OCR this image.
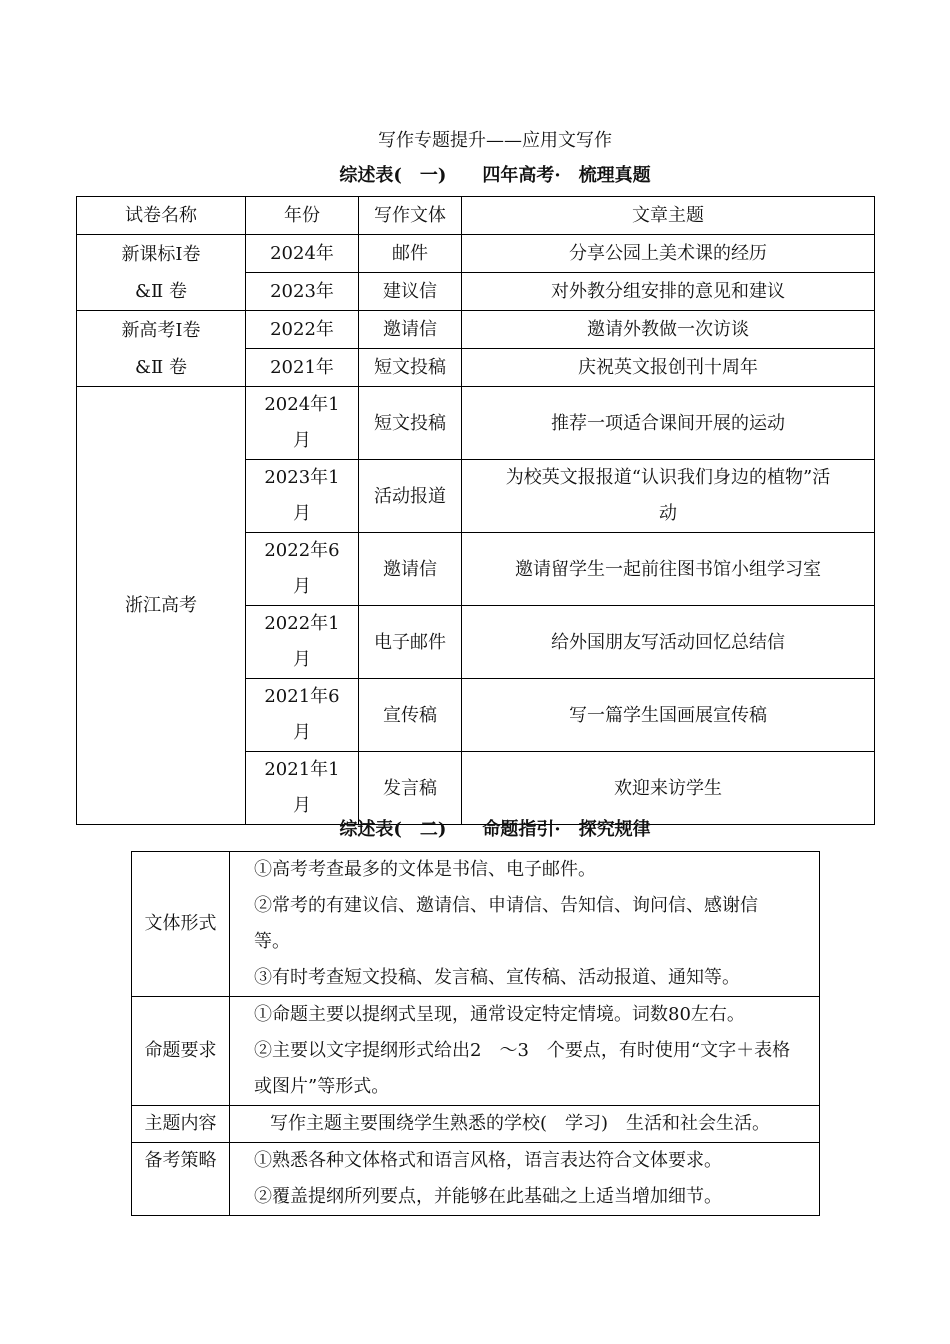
写作专题提升——应用文写作
综述表(　一)　　四年高考·　梳理真题
试卷名称	年份	写作文体	文章主题

新课标Ⅰ卷
&Ⅱ 卷	2024年	邮件	分享公园上美术课的经历
	2023年	建议信	对外教分组安排的意见和建议

新高考Ⅰ卷
&Ⅱ 卷	2022年	邀请信	邀请外教做一次访谈
	2021年	短文投稿	庆祝英文报创刊十周年
浙江高考	2024年1
月	短文投稿	推荐一项适合课间开展的运动

	2023年1
月	活动报道	为校英文报报道“认识我们身边的植物”活
动

	2022年6
月	邀请信	邀请留学生一起前往图书馆小组学习室

	2022年1
月	电子邮件	给外国朋友写活动回忆总结信

	2021年6
月	宣传稿	写一篇学生国画展宣传稿

	2021年1
月	发言稿	欢迎来访学生
综述表(　二)　　命题指引·　探究规律
文体形式	①高考考查最多的文体是书信、电子邮件。
②常考的有建议信、邀请信、申请信、告知信、询问信、感谢信
等。
③有时考查短文投稿、发言稿、宣传稿、活动报道、通知等。

命题要求	①命题主要以提纲式呈现，通常设定特定情境。词数80左右。
②主要以文字提纲形式给出2　～3　个要点，有时使用“文字＋表格
或图片”等形式。

主题内容	写作主题主要围绕学生熟悉的学校(　学习)　生活和社会生活。

备考策略	①熟悉各种文体格式和语言风格，语言表达符合文体要求。
②覆盖提纲所列要点，并能够在此基础之上适当增加细节。
